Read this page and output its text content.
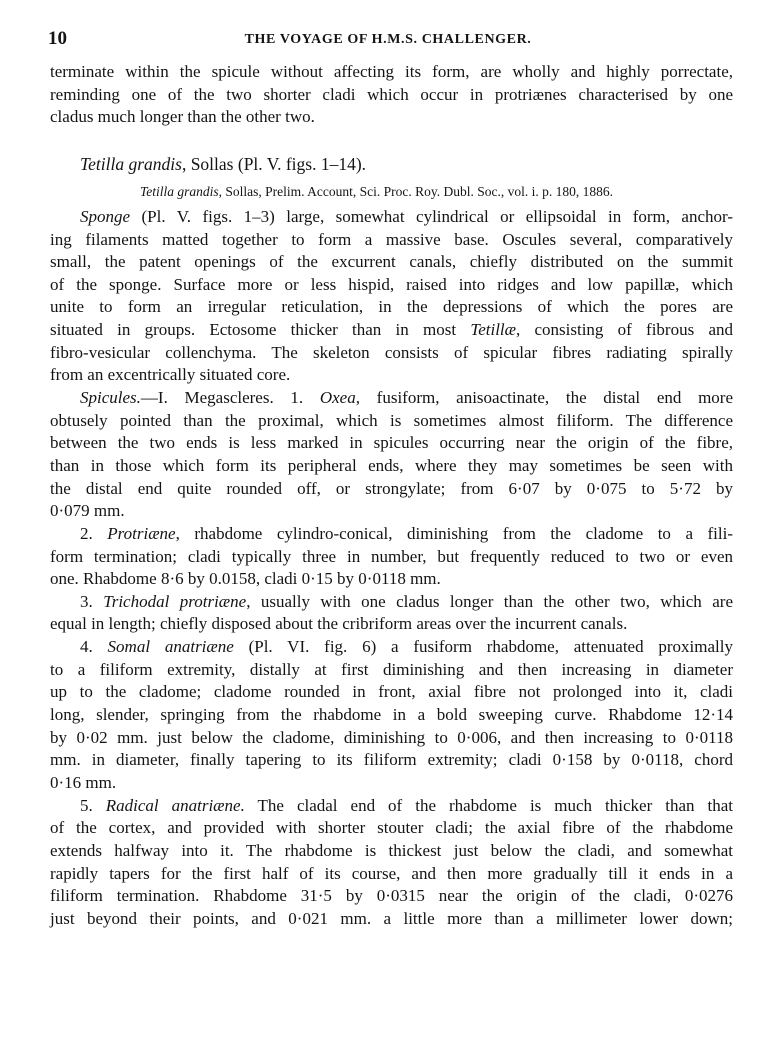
10	THE VOYAGE OF H.M.S. CHALLENGER.
terminate within the spicule without affecting its form, are wholly and highly porrectate,
reminding one of the two shorter cladi which occur in protriænes characterised by one
cladus much longer than the other two.
Tetilla grandis, Sollas (Pl. V. figs. 1–14).
Tetilla grandis, Sollas, Prelim. Account, Sci. Proc. Roy. Dubl. Soc., vol. i. p. 180, 1886.
Sponge (Pl. V. figs. 1–3) large, somewhat cylindrical or ellipsoidal in form, anchor-
ing filaments matted together to form a massive base. Oscules several, comparatively
small, the patent openings of the excurrent canals, chiefly distributed on the summit
of the sponge. Surface more or less hispid, raised into ridges and low papillæ, which
unite to form an irregular reticulation, in the depressions of which the pores are
situated in groups. Ectosome thicker than in most Tetillæ, consisting of fibrous and
fibro-vesicular collenchyma. The skeleton consists of spicular fibres radiating spirally
from an excentrically situated core.
Spicules.—I. Megascleres. 1. Oxea, fusiform, anisoactinate, the distal end more
obtusely pointed than the proximal, which is sometimes almost filiform. The difference
between the two ends is less marked in spicules occurring near the origin of the fibre,
than in those which form its peripheral ends, where they may sometimes be seen with
the distal end quite rounded off, or strongylate; from 6·07 by 0·075 to 5·72 by
0·079 mm.
2. Protriæne, rhabdome cylindro-conical, diminishing from the cladome to a fili-
form termination; cladi typically three in number, but frequently reduced to two or even
one. Rhabdome 8·6 by 0.0158, cladi 0·15 by 0·0118 mm.
3. Trichodal protriæne, usually with one cladus longer than the other two, which are
equal in length; chiefly disposed about the cribriform areas over the incurrent canals.
4. Somal anatriæne (Pl. VI. fig. 6) a fusiform rhabdome, attenuated proximally
to a filiform extremity, distally at first diminishing and then increasing in diameter
up to the cladome; cladome rounded in front, axial fibre not prolonged into it, cladi
long, slender, springing from the rhabdome in a bold sweeping curve. Rhabdome 12·14
by 0·02 mm. just below the cladome, diminishing to 0·006, and then increasing to 0·0118
mm. in diameter, finally tapering to its filiform extremity; cladi 0·158 by 0·0118, chord
0·16 mm.
5. Radical anatriæne. The cladal end of the rhabdome is much thicker than that
of the cortex, and provided with shorter stouter cladi; the axial fibre of the rhabdome
extends halfway into it. The rhabdome is thickest just below the cladi, and somewhat
rapidly tapers for the first half of its course, and then more gradually till it ends in a
filiform termination. Rhabdome 31·5 by 0·0315 near the origin of the cladi, 0·0276
just beyond their points, and 0·021 mm. a little more than a millimeter lower down;
